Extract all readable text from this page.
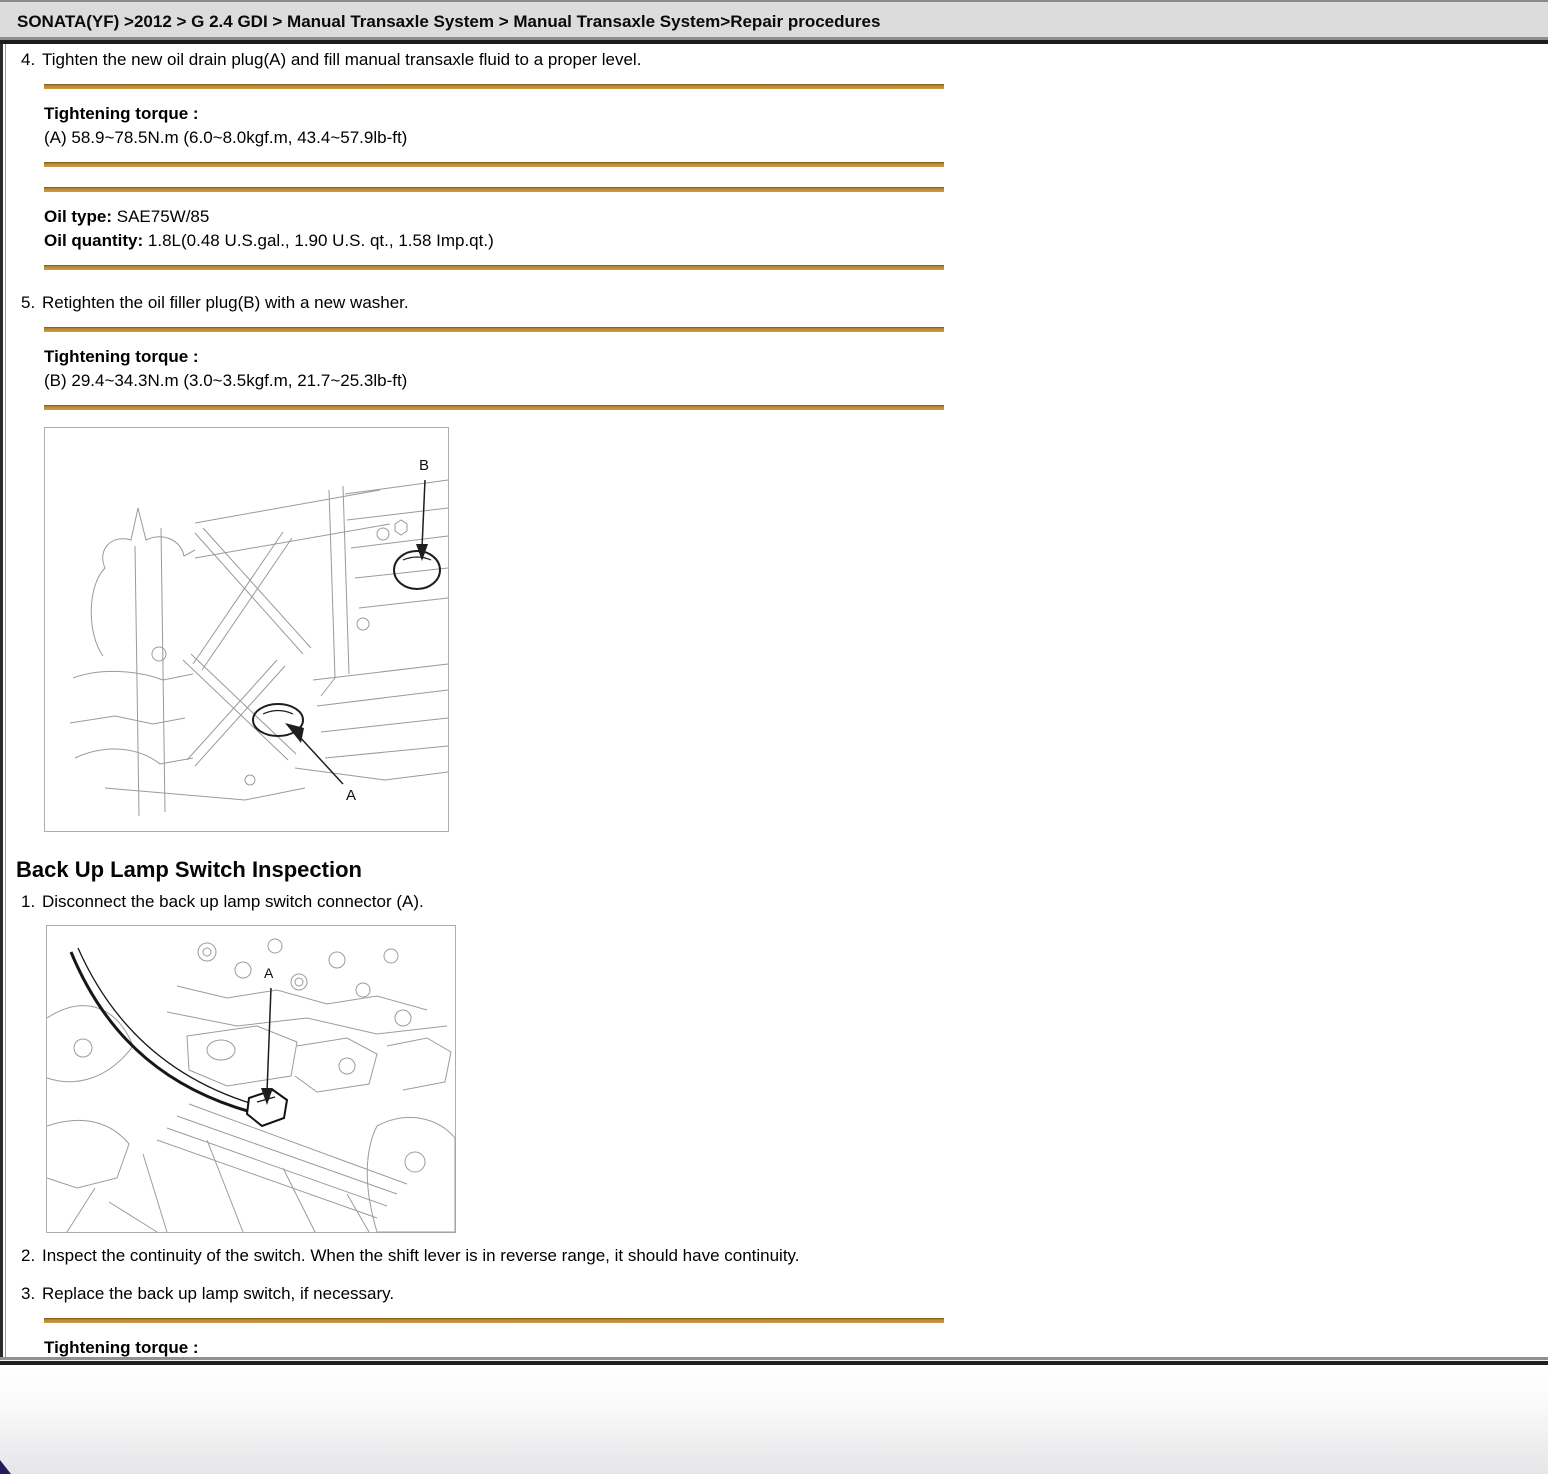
SONATA(YF) >2012 > G 2.4 GDI > Manual Transaxle System > Manual Transaxle System>Repair procedures
4. Tighten the new oil drain plug(A) and fill manual transaxle fluid to a proper level.
Tightening torque :
(A) 58.9~78.5N.m (6.0~8.0kgf.m, 43.4~57.9lb-ft)
Oil type: SAE75W/85
Oil quantity: 1.8L(0.48 U.S.gal., 1.90 U.S. qt., 1.58 Imp.qt.)
5. Retighten the oil filler plug(B) with a new washer.
Tightening torque :
(B) 29.4~34.3N.m (3.0~3.5kgf.m, 21.7~25.3lb-ft)
B
A
Back Up Lamp Switch Inspection
1. Disconnect the back up lamp switch connector (A).
A
2. Inspect the continuity of the switch. When the shift lever is in reverse range, it should have continuity.
3. Replace the back up lamp switch, if necessary.
Tightening torque :
